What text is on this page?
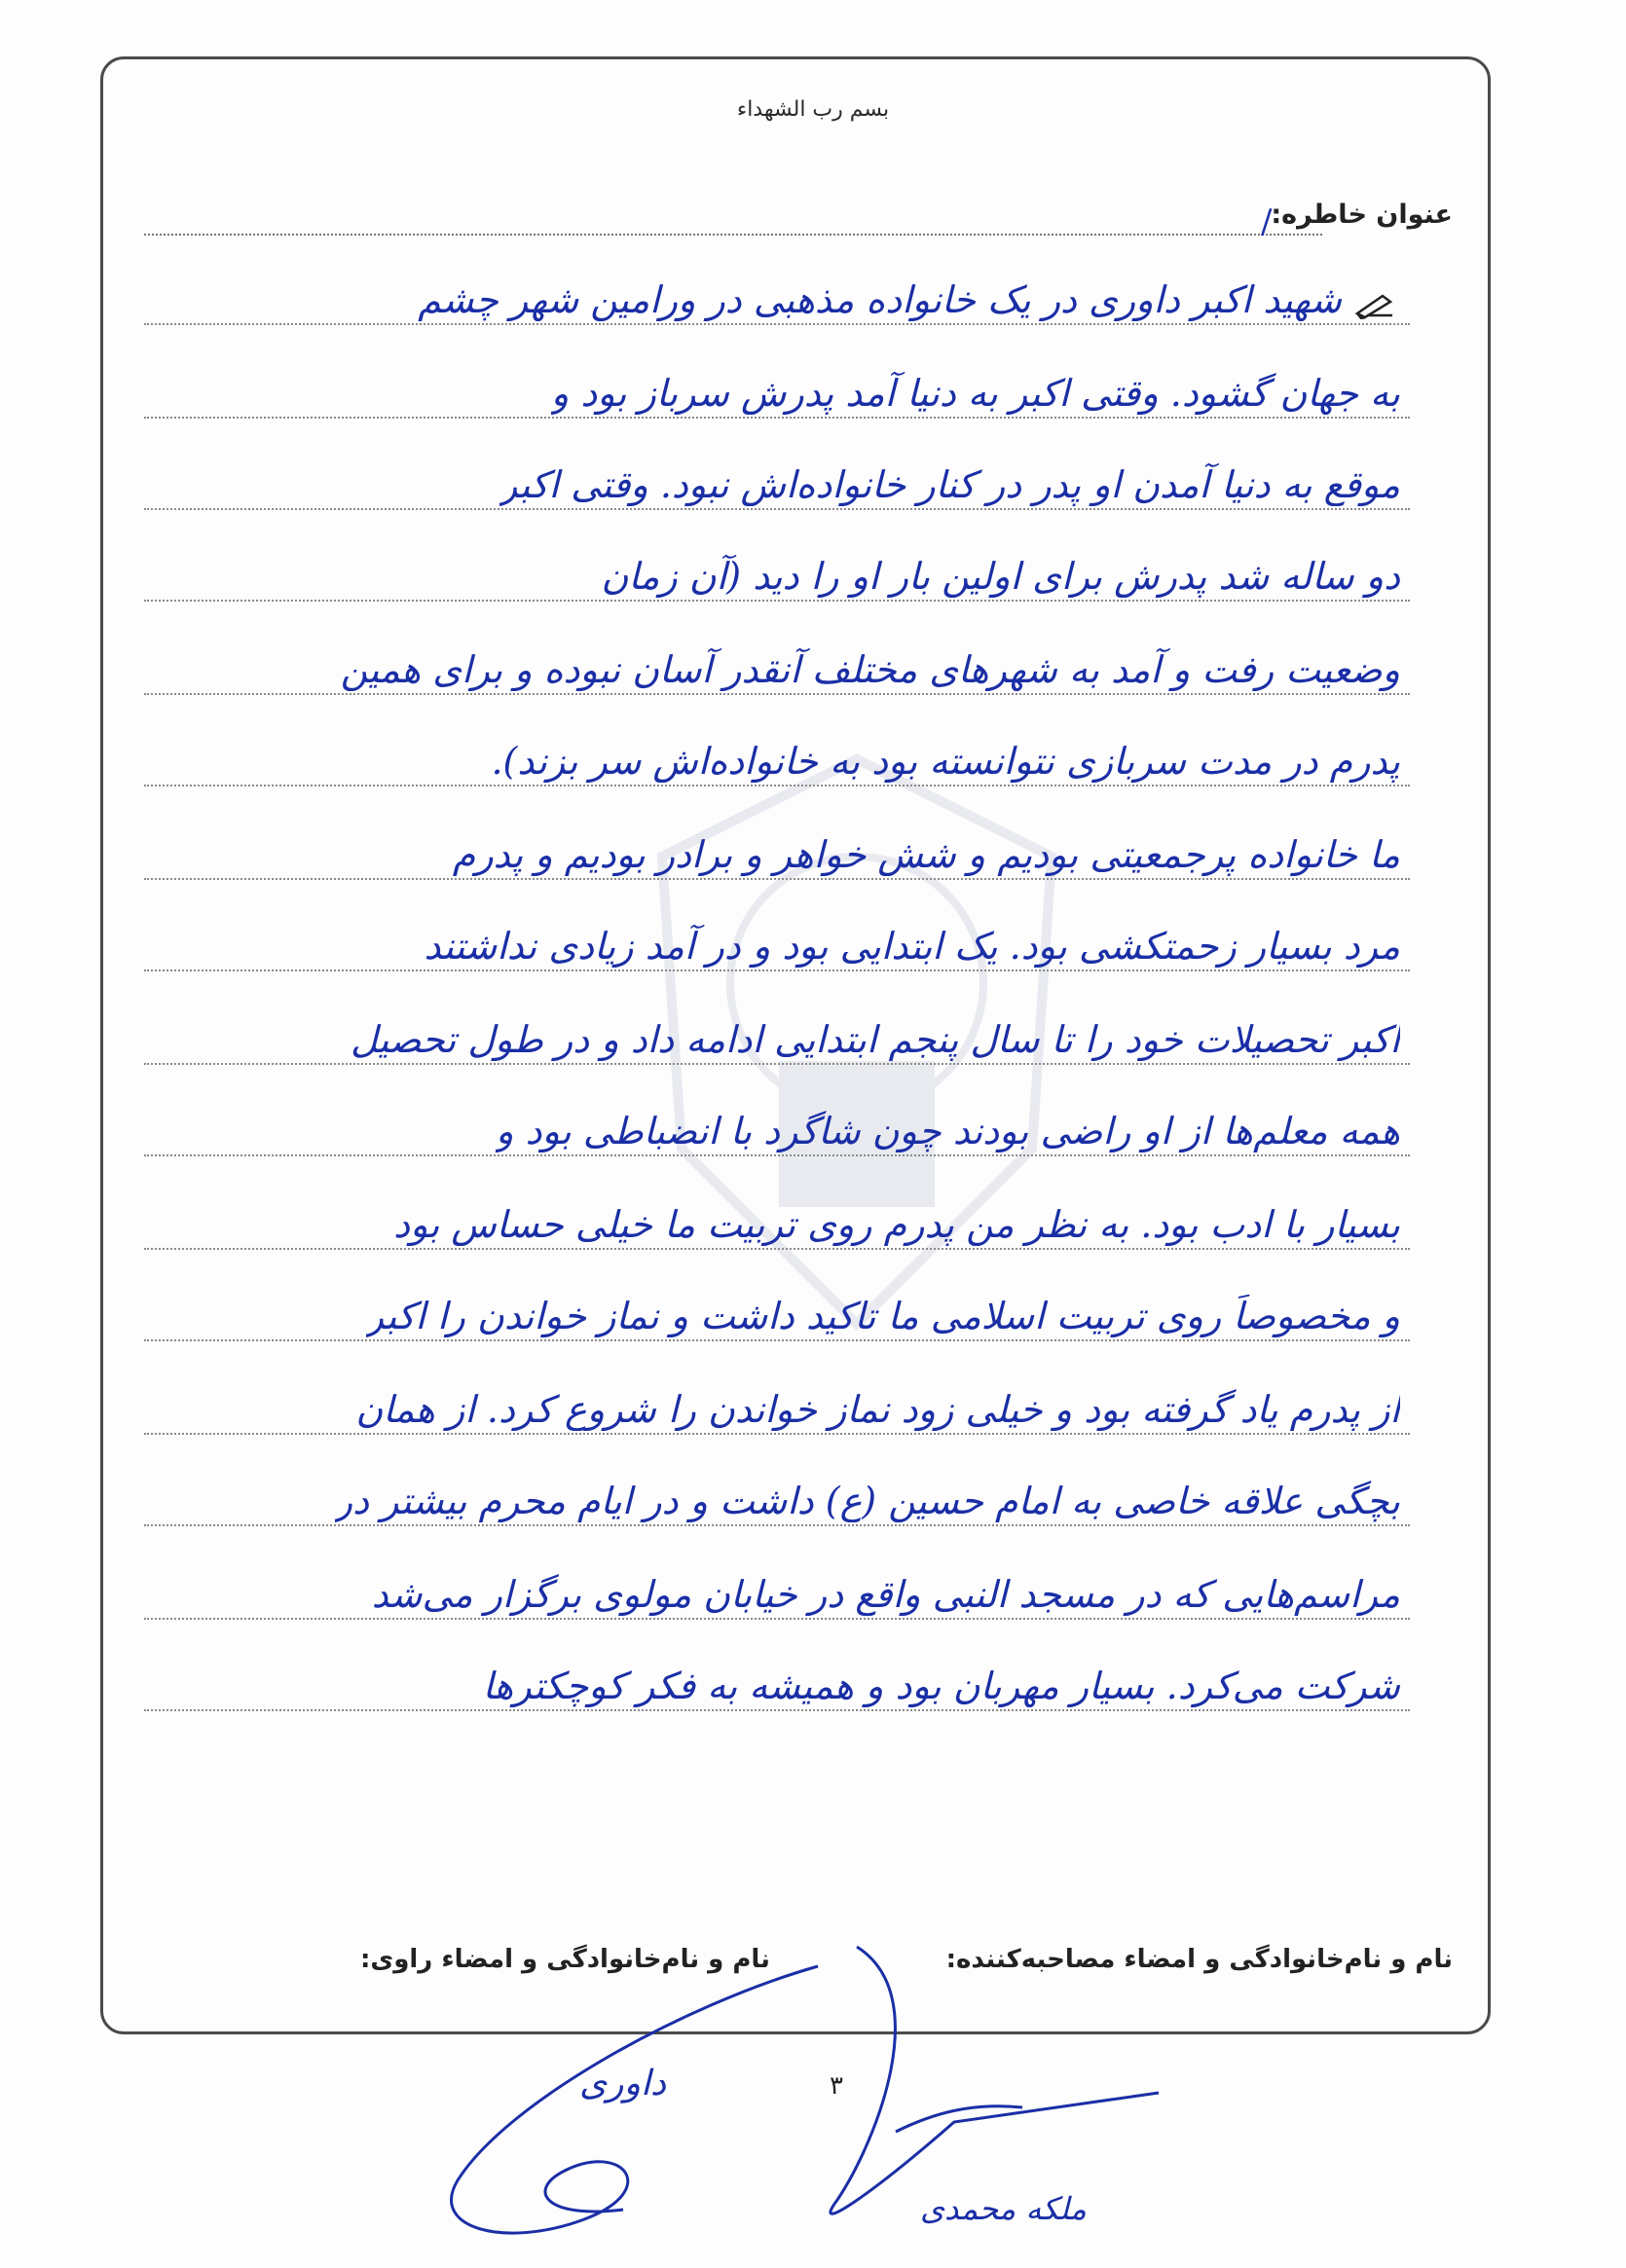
بسم رب الشهداء
عنوان خاطره:
/
شهید اکبر داوری در یک خانواده مذهبی در ورامین شهر چشم
به جهان گشود. وقتی اکبر به دنیا آمد پدرش سرباز بود و
موقع به دنیا آمدن او پدر در کنار خانواده‌اش نبود. وقتی اکبر
دو ساله شد پدرش برای اولین بار او را دید (آن زمان
وضعیت رفت و آمد به شهرهای مختلف آنقدر آسان نبوده و برای همین
پدرم در مدت سربازی نتوانسته بود به خانواده‌اش سر بزند).
ما خانواده پرجمعیتی بودیم و شش خواهر و برادر بودیم و پدرم
مرد بسیار زحمتکشی بود. یک ابتدایی بود و در آمد زیادی نداشتند
اکبر تحصیلات خود را تا سال پنجم ابتدایی ادامه داد و در طول تحصیل
همه معلم‌ها از او راضی بودند چون شاگرد با انضباطی بود و
بسیار با ادب بود. به نظر من پدرم روی تربیت ما خیلی حساس بود
و مخصوصاً روی تربیت اسلامی ما تاکید داشت و نماز خواندن را اکبر
از پدرم یاد گرفته بود و خیلی زود نماز خواندن را شروع کرد. از همان
بچگی علاقه خاصی به امام حسین (ع) داشت و در ایام محرم بیشتر در
مراسم‌هایی که در مسجد النبی واقع در خیابان مولوی برگزار می‌شد
شرکت می‌کرد. بسیار مهربان بود و همیشه به فکر کوچکترها
نام و نام‌خانوادگی و امضاء مصاحبه‌کننده:
نام و نام‌خانوادگی و امضاء راوی:
داوری
ملکه محمدی
۳
